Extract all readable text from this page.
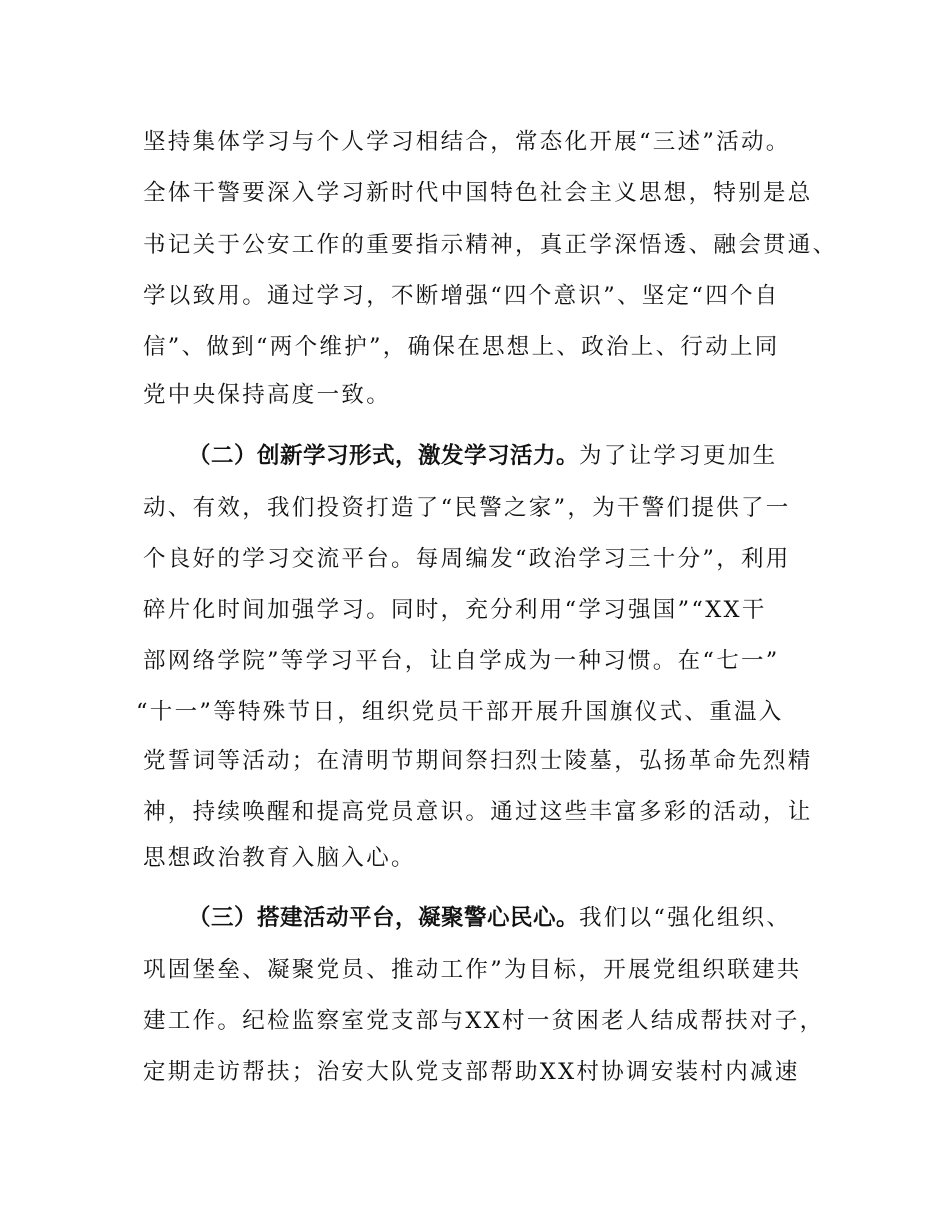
坚持集体学习与个人学习相结合，常态化开展“三述”活动。
全体干警要深入学习新时代中国特色社会主义思想，特别是总
书记关于公安工作的重要指示精神，真正学深悟透、融会贯通、
学以致用。通过学习，不断增强“四个意识”、坚定“四个自
信”、做到“两个维护”，确保在思想上、政治上、行动上同
党中央保持高度一致。
（二）创新学习形式，激发学习活力。为了让学习更加生
动、有效，我们投资打造了“民警之家”，为干警们提供了一
个良好的学习交流平台。每周编发“政治学习三十分”，利用
碎片化时间加强学习。同时，充分利用“学习强国”“XX干
部网络学院”等学习平台，让自学成为一种习惯。在“七一”
“十一”等特殊节日，组织党员干部开展升国旗仪式、重温入
党誓词等活动；在清明节期间祭扫烈士陵墓，弘扬革命先烈精
神，持续唤醒和提高党员意识。通过这些丰富多彩的活动，让
思想政治教育入脑入心。
（三）搭建活动平台，凝聚警心民心。我们以“强化组织、
巩固堡垒、凝聚党员、推动工作”为目标，开展党组织联建共
建工作。纪检监察室党支部与XX村一贫困老人结成帮扶对子，
定期走访帮扶；治安大队党支部帮助XX村协调安装村内减速
